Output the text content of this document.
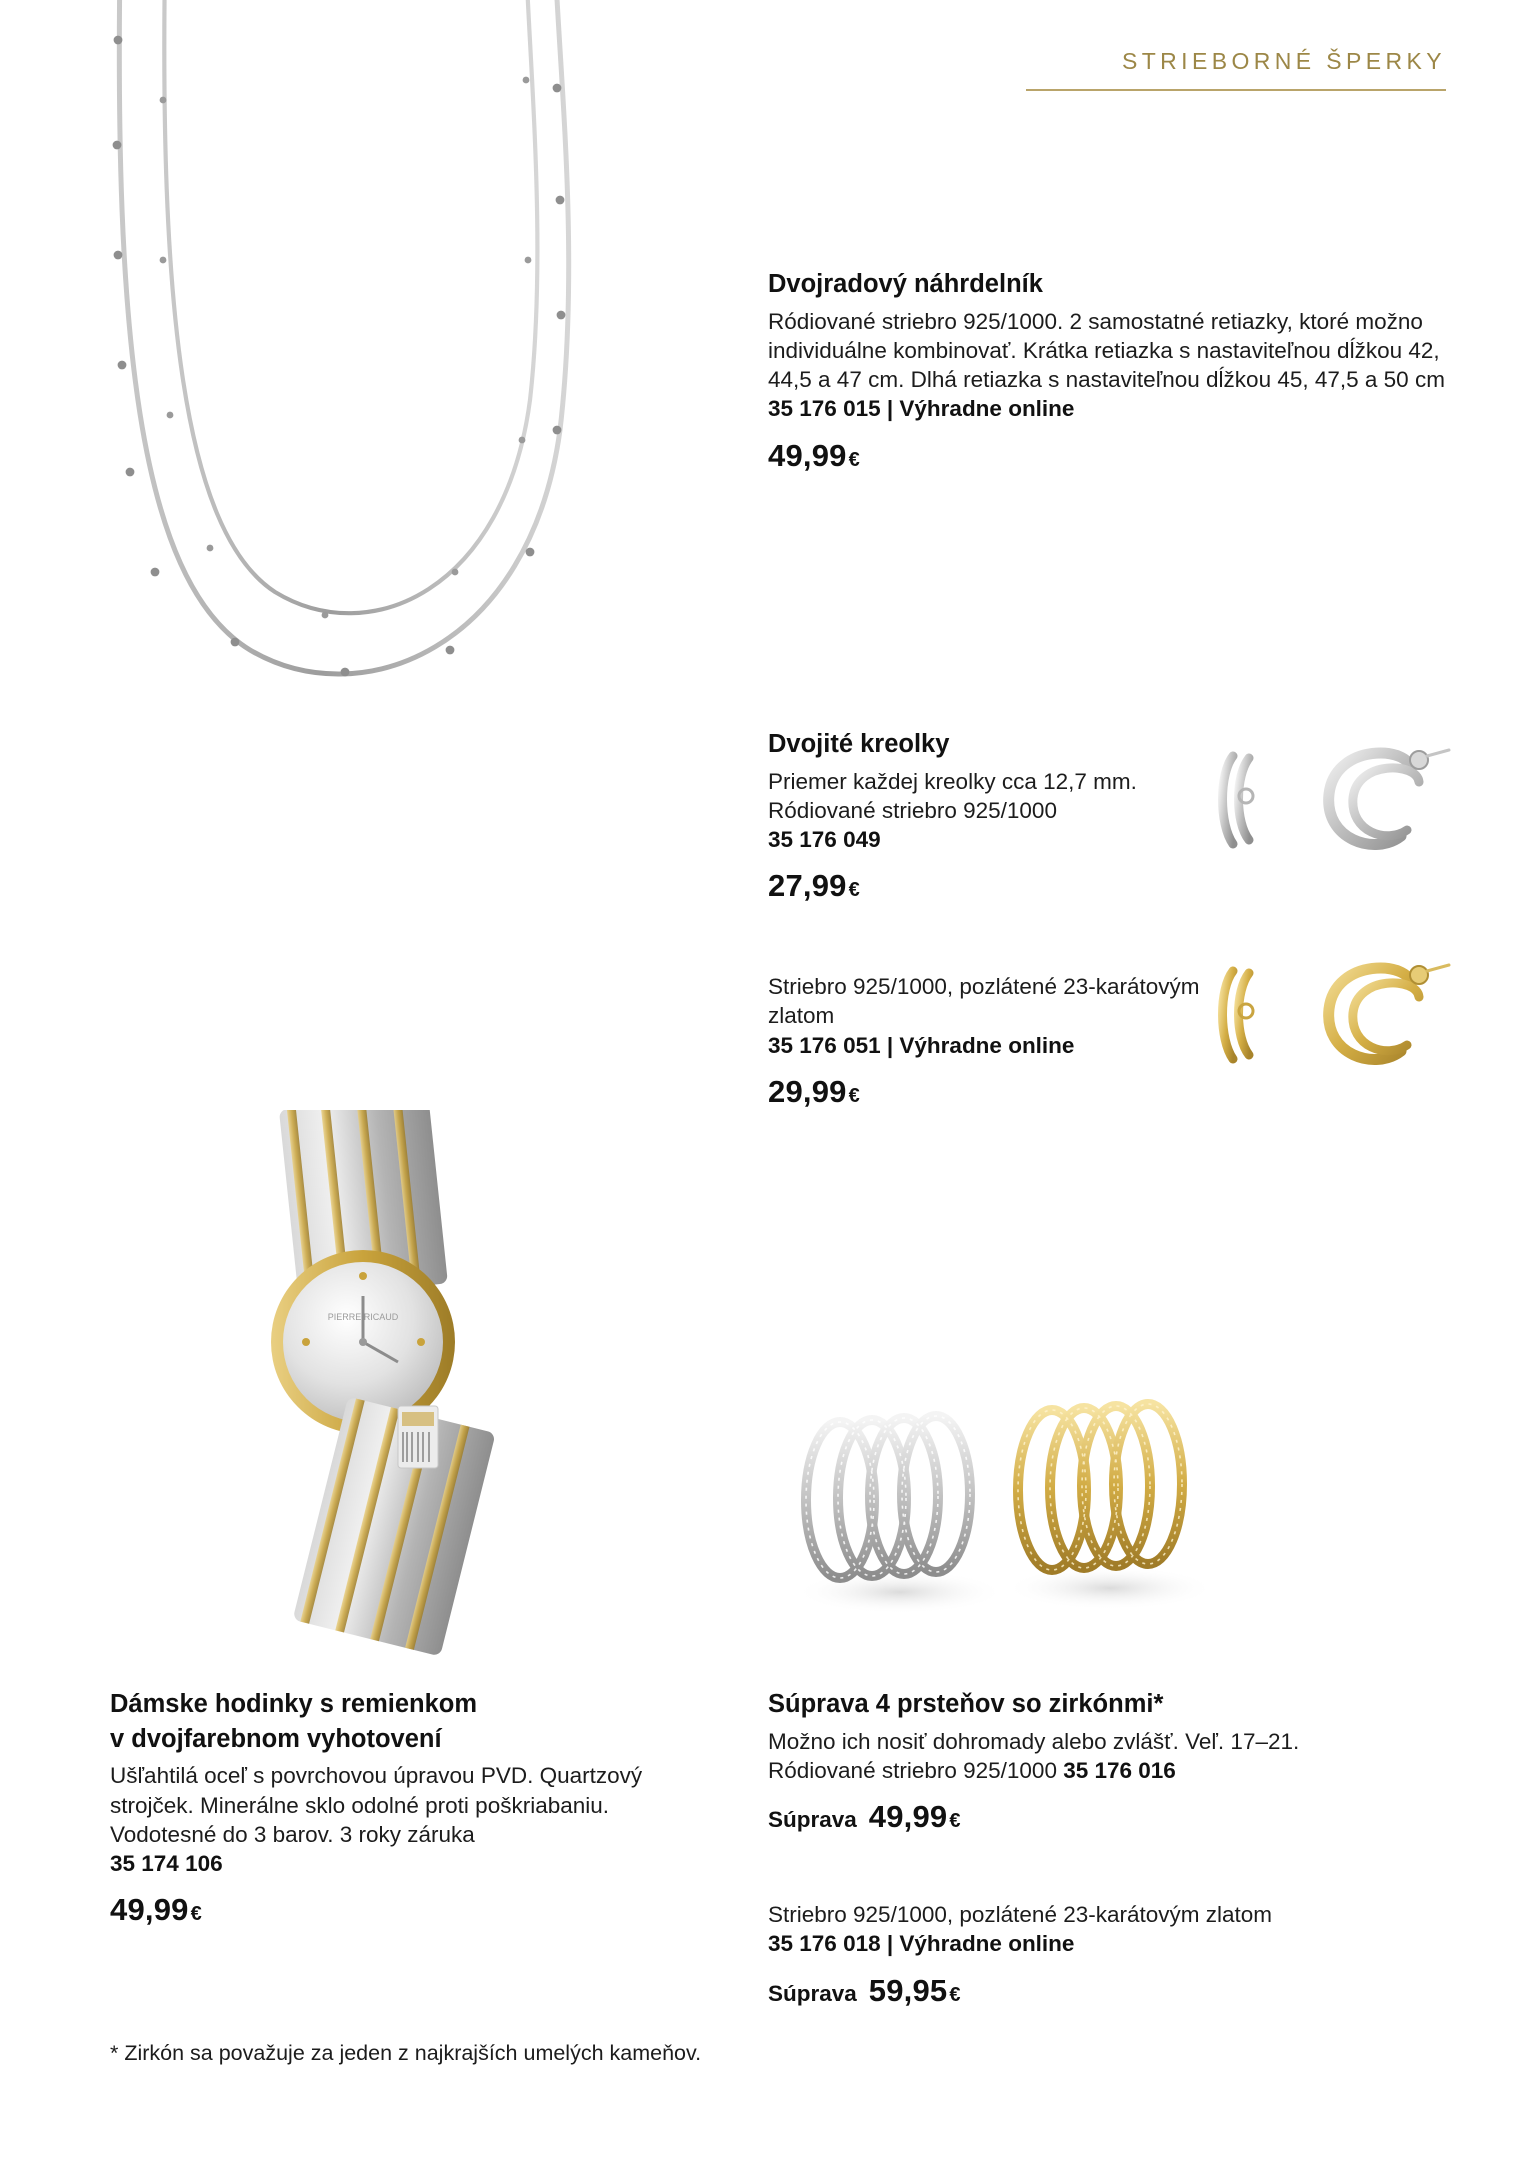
STRIEBORNÉ ŠPERKY
Dvojradový náhrdelník
Ródiované striebro 925/1000. 2 samostatné retiazky, ktoré možno individuálne kombinovať. Krátka retiazka s nastaviteľnou dĺžkou 42, 44,5 a 47 cm. Dlhá retiazka s nastaviteľnou dĺžkou 45, 47,5 a 50 cm
35 176 015 | Výhradne online
49,99 €
Dvojité kreolky
Priemer každej kreolky cca 12,7 mm. Ródiované striebro 925/1000
35 176 049
27,99 €
Striebro 925/1000, pozlátené 23-karátovým zlatom
35 176 051 | Výhradne online
29,99 €
PIERRE RICAUD
Dámske hodinky s remienkom
v dvojfarebnom vyhotovení
Ušľahtilá oceľ s povrchovou úpravou PVD. Quartzový strojček. Minerálne sklo odolné proti poškriabaniu. Vodotesné do 3 barov. 3 roky záruka
35 174 106
49,99 €
Súprava 4 prsteňov so zirkónmi*
Možno ich nosiť dohromady alebo zvlášť. Veľ. 17–21.
Ródiované striebro 925/1000 35 176 016
Súprava 49,99 €
Striebro 925/1000, pozlátené 23-karátovým zlatom
35 176 018 | Výhradne online
Súprava 59,95 €
* Zirkón sa považuje za jeden z najkrajších umelých kameňov.
